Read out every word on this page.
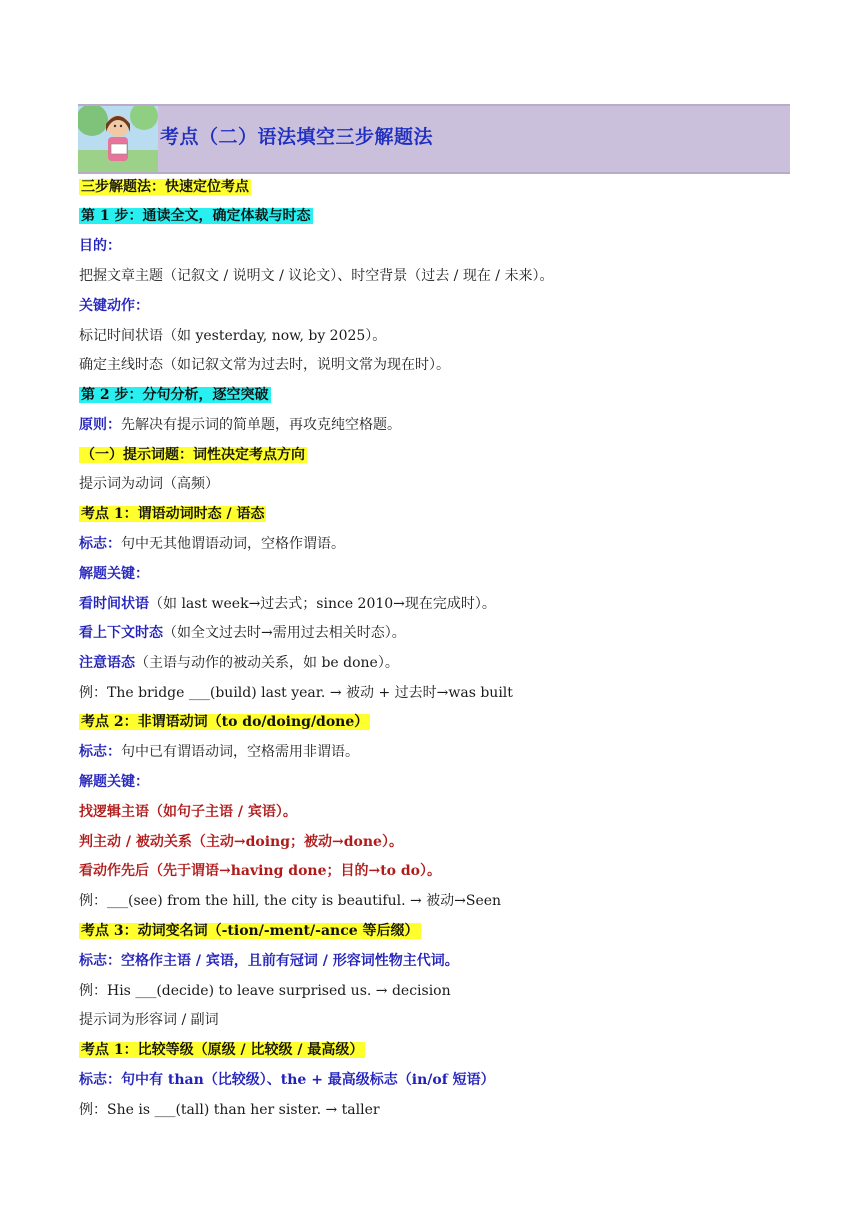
考点（二）语法填空三步解题法
三步解题法：快速定位考点
第 1 步：通读全文，确定体裁与时态
目的：
把握文章主题（记叙文 / 说明文 / 议论文）、时空背景（过去 / 现在 / 未来）。
关键动作：
标记时间状语（如 yesterday, now, by 2025）。
确定主线时态（如记叙文常为过去时，说明文常为现在时）。
第 2 步：分句分析，逐空突破
原则：先解决有提示词的简单题，再攻克纯空格题。
（一）提示词题：词性决定考点方向
提示词为动词（高频）
考点 1：谓语动词时态 / 语态
标志：句中无其他谓语动词，空格作谓语。
解题关键：
看时间状语（如 last week→过去式；since 2010→现在完成时）。
看上下文时态（如全文过去时→需用过去相关时态）。
注意语态（主语与动作的被动关系，如 be done）。
例：The bridge ___(build) last year. → 被动 + 过去时→was built
考点 2：非谓语动词（to do/doing/done）
标志：句中已有谓语动词，空格需用非谓语。
解题关键：
找逻辑主语（如句子主语 / 宾语）。
判主动 / 被动关系（主动→doing；被动→done）。
看动作先后（先于谓语→having done；目的→to do）。
例：___(see) from the hill, the city is beautiful. → 被动→Seen
考点 3：动词变名词（-tion/-ment/-ance 等后缀）
标志：空格作主语 / 宾语，且前有冠词 / 形容词性物主代词。
例：His ___(decide) to leave surprised us. → decision
提示词为形容词 / 副词
考点 1：比较等级（原级 / 比较级 / 最高级）
标志：句中有 than（比较级）、the + 最高级标志（in/of 短语）
例：She is ___(tall) than her sister. → taller
